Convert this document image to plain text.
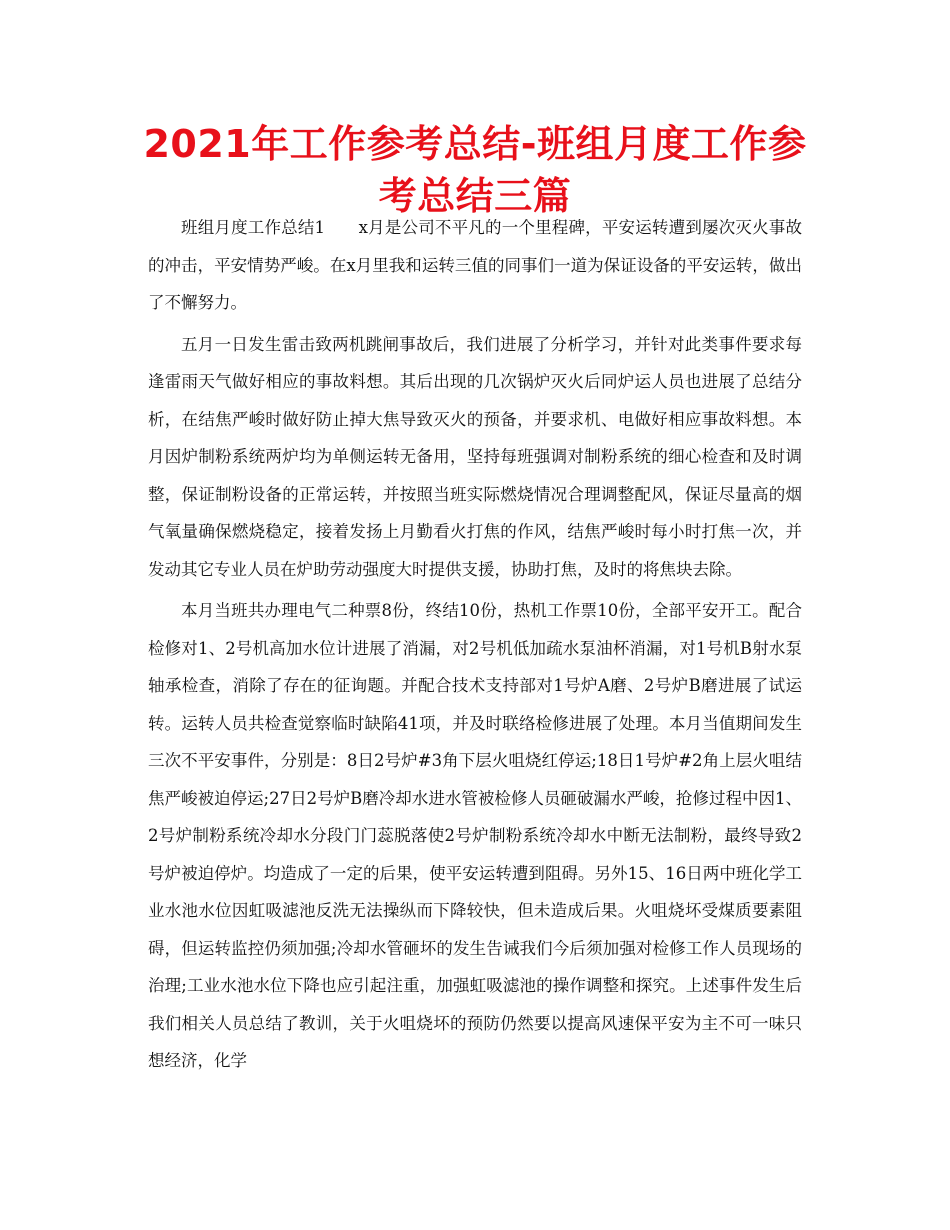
2021年工作参考总结-班组月度工作参考总结三篇

班组月度工作总结1　　x月是公司不平凡的一个里程碑，平安运转遭到屡次灭火事故的冲击，平安情势严峻。在x月里我和运转三值的同事们一道为保证设备的平安运转，做出了不懈努力。

五月一日发生雷击致两机跳闸事故后，我们进展了分析学习，并针对此类事件要求每逢雷雨天气做好相应的事故料想。其后出现的几次锅炉灭火后同炉运人员也进展了总结分析，在结焦严峻时做好防止掉大焦导致灭火的预备，并要求机、电做好相应事故料想。本月因炉制粉系统两炉均为单侧运转无备用，坚持每班强调对制粉系统的细心检查和及时调整，保证制粉设备的正常运转，并按照当班实际燃烧情况合理调整配风，保证尽量高的烟气氧量确保燃烧稳定，接着发扬上月勤看火打焦的作风，结焦严峻时每小时打焦一次，并发动其它专业人员在炉助劳动强度大时提供支援，协助打焦，及时的将焦块去除。

本月当班共办理电气二种票8份，终结10份，热机工作票10份，全部平安开工。配合检修对1、2号机高加水位计进展了消漏，对2号机低加疏水泵油杯消漏，对1号机B射水泵轴承检查，消除了存在的征询题。并配合技术支持部对1号炉A磨、2号炉B磨进展了试运转。运转人员共检查觉察临时缺陷41项，并及时联络检修进展了处理。本月当值期间发生三次不平安事件，分别是：8日2号炉#3角下层火咀烧红停运;18日1号炉#2角上层火咀结焦严峻被迫停运;27日2号炉B磨冷却水进水管被检修人员砸破漏水严峻，抢修过程中因1、2号炉制粉系统冷却水分段门门蕊脱落使2号炉制粉系统冷却水中断无法制粉，最终导致2号炉被迫停炉。均造成了一定的后果，使平安运转遭到阻碍。另外15、16日两中班化学工业水池水位因虹吸滤池反洗无法操纵而下降较快，但未造成后果。火咀烧坏受煤质要素阻碍，但运转监控仍须加强;冷却水管砸坏的发生告诫我们今后须加强对检修工作人员现场的治理;工业水池水位下降也应引起注重，加强虹吸滤池的操作调整和探究。上述事件发生后我们相关人员总结了教训，关于火咀烧坏的预防仍然要以提高风速保平安为主不可一味只想经济，化学
